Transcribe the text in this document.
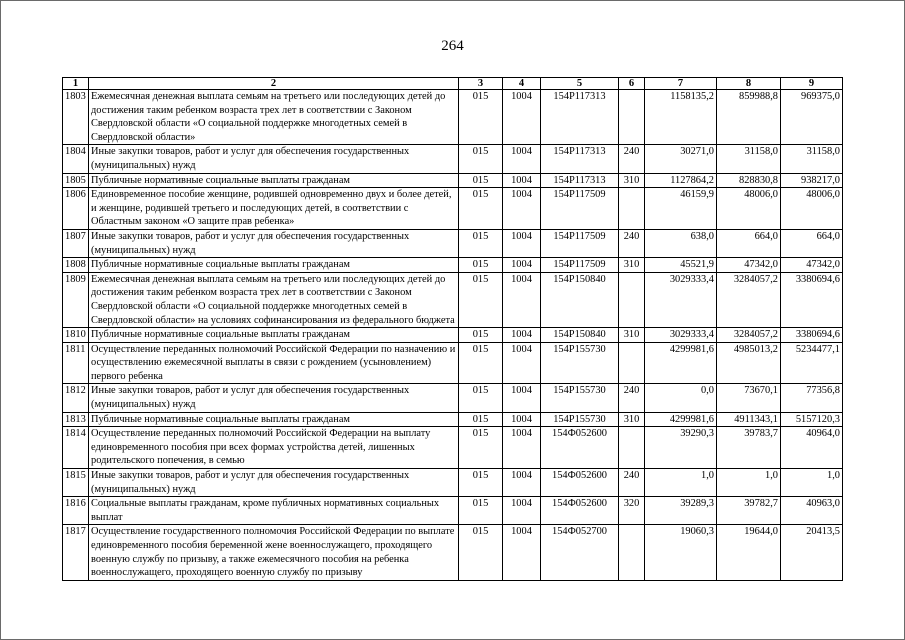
264
1	2	3	4	5	6	7	8	9
1803	Ежемесячная денежная выплата семьям на третьего или последующих детей до достижения таким ребенком возраста трех лет в соответствии с Законом Свердловской области «О социальной поддержке многодетных семей в Свердловской области»	015	1004	154P117313		1158135,2	859988,8	969375,0
1804	Иные закупки товаров, работ и услуг для обеспечения государственных (муниципальных) нужд	015	1004	154P117313	240	30271,0	31158,0	31158,0
1805	Публичные нормативные социальные выплаты гражданам	015	1004	154P117313	310	1127864,2	828830,8	938217,0
1806	Единовременное пособие женщине, родившей одновременно двух и более детей, и женщине, родившей третьего и последующих детей, в соответствии с Областным законом «О защите прав ребенка»	015	1004	154P117509		46159,9	48006,0	48006,0
1807	Иные закупки товаров, работ и услуг для обеспечения государственных (муниципальных) нужд	015	1004	154P117509	240	638,0	664,0	664,0
1808	Публичные нормативные социальные выплаты гражданам	015	1004	154P117509	310	45521,9	47342,0	47342,0
1809	Ежемесячная денежная выплата семьям на третьего или последующих детей до достижения таким ребенком возраста трех лет в соответствии с Законом Свердловской области «О социальной поддержке многодетных семей в Свердловской области» на условиях софинансирования из федерального бюджета	015	1004	154P150840		3029333,4	3284057,2	3380694,6
1810	Публичные нормативные социальные выплаты гражданам	015	1004	154P150840	310	3029333,4	3284057,2	3380694,6
1811	Осуществление переданных полномочий Российской Федерации по назначению и осуществлению ежемесячной выплаты в связи с рождением (усыновлением) первого ребенка	015	1004	154P155730		4299981,6	4985013,2	5234477,1
1812	Иные закупки товаров, работ и услуг для обеспечения государственных (муниципальных) нужд	015	1004	154P155730	240	0,0	73670,1	77356,8
1813	Публичные нормативные социальные выплаты гражданам	015	1004	154P155730	310	4299981,6	4911343,1	5157120,3
1814	Осуществление переданных полномочий Российской Федерации на выплату единовременного пособия при всех формах устройства детей, лишенных родительского попечения, в семью	015	1004	154Ф052600		39290,3	39783,7	40964,0
1815	Иные закупки товаров, работ и услуг для обеспечения государственных (муниципальных) нужд	015	1004	154Ф052600	240	1,0	1,0	1,0
1816	Социальные выплаты гражданам, кроме публичных нормативных социальных выплат	015	1004	154Ф052600	320	39289,3	39782,7	40963,0
1817	Осуществление государственного полномочия Российской Федерации по выплате единовременного пособия беременной жене военнослужащего, проходящего военную службу по призыву, а также ежемесячного пособия на ребенка военнослужащего, проходящего военную службу по призыву	015	1004	154Ф052700		19060,3	19644,0	20413,5
